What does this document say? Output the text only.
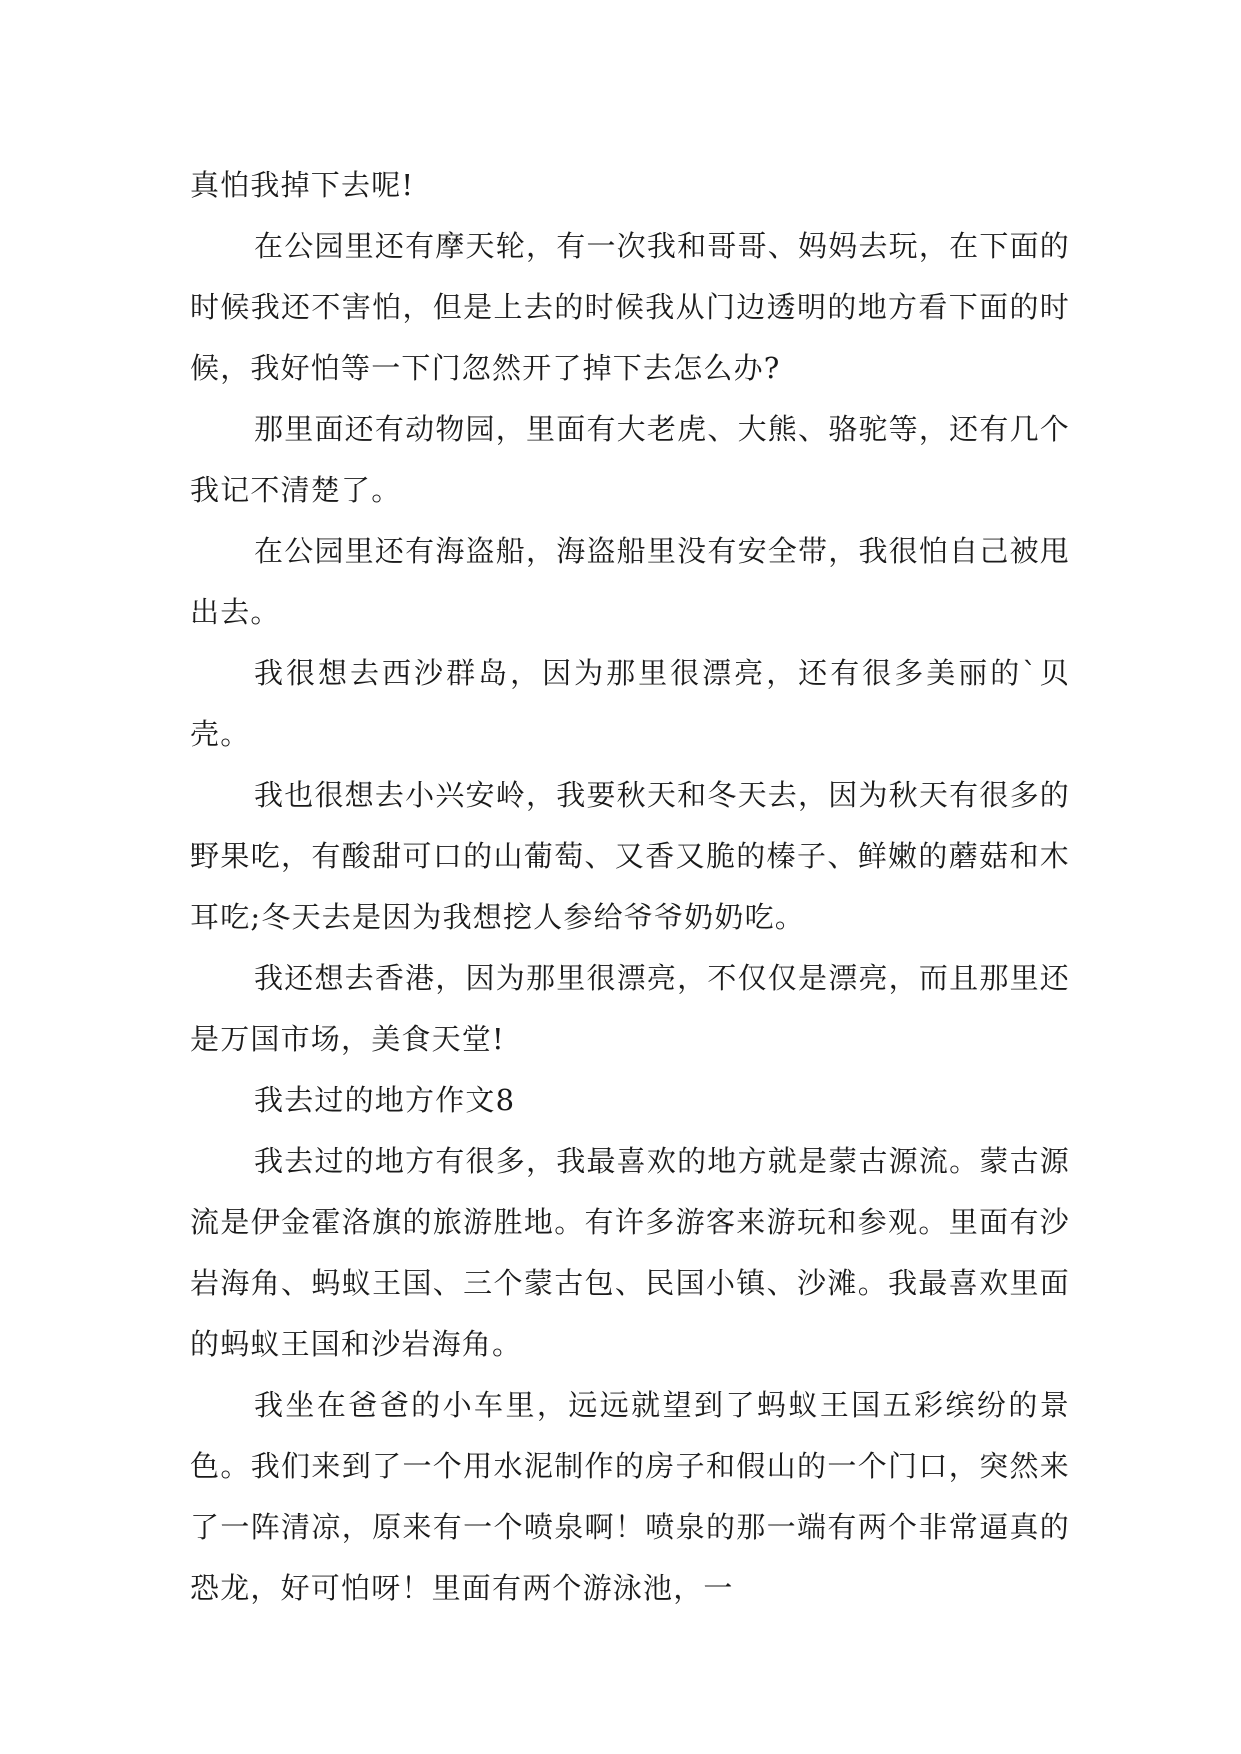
真怕我掉下去呢!

在公园里还有摩天轮，有一次我和哥哥、妈妈去玩，在下面的时候我还不害怕，但是上去的时候我从门边透明的地方看下面的时候，我好怕等一下门忽然开了掉下去怎么办?

那里面还有动物园，里面有大老虎、大熊、骆驼等，还有几个我记不清楚了。

在公园里还有海盗船，海盗船里没有安全带，我很怕自己被甩出去。

我很想去西沙群岛，因为那里很漂亮，还有很多美丽的`贝壳。

我也很想去小兴安岭，我要秋天和冬天去，因为秋天有很多的野果吃，有酸甜可口的山葡萄、又香又脆的榛子、鲜嫩的蘑菇和木耳吃;冬天去是因为我想挖人参给爷爷奶奶吃。

我还想去香港，因为那里很漂亮，不仅仅是漂亮，而且那里还是万国市场，美食天堂!

我去过的地方作文8

我去过的地方有很多，我最喜欢的地方就是蒙古源流。蒙古源流是伊金霍洛旗的旅游胜地。有许多游客来游玩和参观。里面有沙岩海角、蚂蚁王国、三个蒙古包、民国小镇、沙滩。我最喜欢里面的蚂蚁王国和沙岩海角。

我坐在爸爸的小车里，远远就望到了蚂蚁王国五彩缤纷的景色。我们来到了一个用水泥制作的房子和假山的一个门口，突然来了一阵清凉，原来有一个喷泉啊！喷泉的那一端有两个非常逼真的恐龙，好可怕呀！里面有两个游泳池，一
